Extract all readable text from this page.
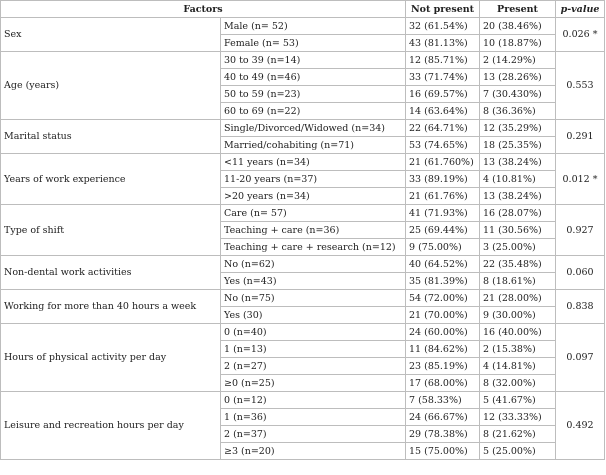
Factors		Not present	Present	p-value
Sex	Male (n= 52)	32 (61.54%)	20 (38.46%)	0.026 *
	Female (n= 53)	43 (81.13%)	10 (18.87%)	
Age (years)	30 to 39 (n=14)	12 (85.71%)	2 (14.29%)	0.553
	40 to 49 (n=46)	33 (71.74%)	13 (28.26%)	
	50 to 59 (n=23)	16 (69.57%)	7 (30.430%)	
	60 to 69 (n=22)	14 (63.64%)	8 (36.36%)	
Marital status	Single/Divorced/Widowed (n=34)	22 (64.71%)	12 (35.29%)	0.291
	Married/cohabiting (n=71)	53 (74.65%)	18 (25.35%)	
Years of work experience	<11 years (n=34)	21 (61.760%)	13 (38.24%)	0.012 *
	11-20 years (n=37)	33 (89.19%)	4 (10.81%)	
	>20 years (n=34)	21 (61.76%)	13 (38.24%)	
Type of shift	Care (n= 57)	41 (71.93%)	16 (28.07%)	0.927
	Teaching + care (n=36)	25 (69.44%)	11 (30.56%)	
	Teaching + care + research (n=12)	9 (75.00%)	3 (25.00%)	
Non-dental work activities	No (n=62)	40 (64.52%)	22 (35.48%)	0.060
	Yes (n=43)	35 (81.39%)	8 (18.61%)	
Working for more than 40 hours a week	No (n=75)	54 (72.00%)	21 (28.00%)	0.838
	Yes (30)	21 (70.00%)	9 (30.00%)	
Hours of physical activity per day	0 (n=40)	24 (60.00%)	16 (40.00%)	0.097
	1 (n=13)	11 (84.62%)	2 (15.38%)	
	2 (n=27)	23 (85.19%)	4 (14.81%)	
	≥0 (n=25)	17 (68.00%)	8 (32.00%)	
Leisure and recreation hours per day	0 (n=12)	7 (58.33%)	5 (41.67%)	0.492
	1 (n=36)	24 (66.67%)	12 (33.33%)	
	2 (n=37)	29 (78.38%)	8 (21.62%)	
	≥3 (n=20)	15 (75.00%)	5 (25.00%)	
